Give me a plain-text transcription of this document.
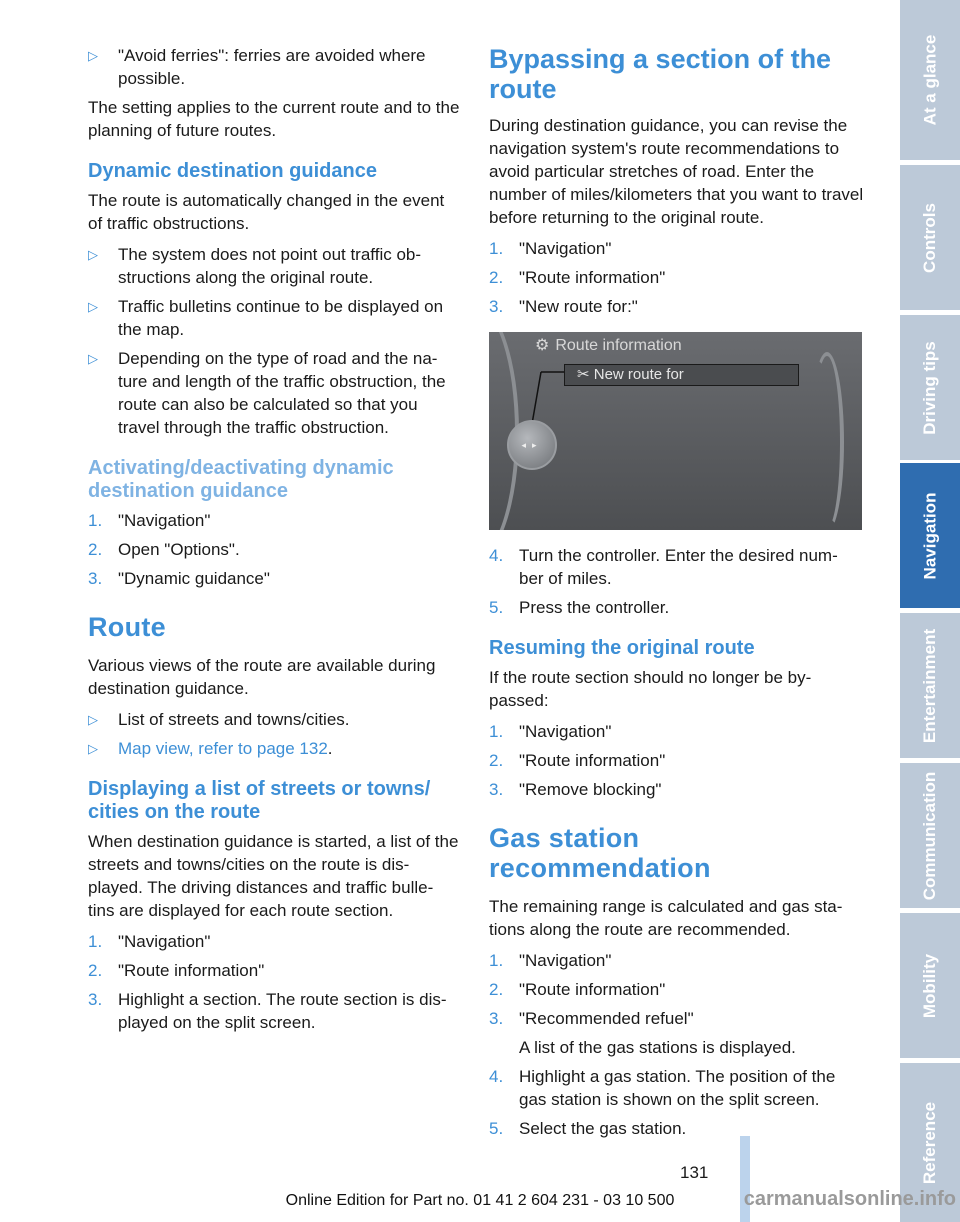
▷ "Avoid ferries": ferries are avoided where possible.

The setting applies to the current route and to the planning of future routes.

Dynamic destination guidance

The route is automatically changed in the event of traffic obstructions.

▷ The system does not point out traffic ob- structions along the original route.
▷ Traffic bulletins continue to be displayed on the map.
▷ Depending on the type of road and the na- ture and length of the traffic obstruction, the route can also be calculated so that you travel through the traffic obstruction.
Activating/deactivating dynamic destination guidance
1. "Navigation"
2. Open "Options".
3. "Dynamic guidance"
Route

Various views of the route are available during destination guidance.

▷ List of streets and towns/cities.
▷ Map view, refer to page 132.
Displaying a list of streets or towns/ cities on the route

When destination guidance is started, a list of the streets and towns/cities on the route is dis- played. The driving distances and traffic bulle- tins are displayed for each route section.

1. "Navigation"
2. "Route information"
3. Highlight a section. The route section is dis- played on the split screen.
Bypassing a section of the route

During destination guidance, you can revise the navigation system's route recommendations to avoid particular stretches of road. Enter the number of miles/kilometers that you want to travel before returning to the original route.

1. "Navigation"
2. "Route information"
3. "New route for:"
⚙ Route information
✂ New route for
◂▸
4. Turn the controller. Enter the desired num- ber of miles.
5. Press the controller.
Resuming the original route

If the route section should no longer be by- passed:

1. "Navigation"
2. "Route information"
3. "Remove blocking"
Gas station recommendation

The remaining range is calculated and gas sta- tions along the route are recommended.

1. "Navigation"
2. "Route information"
3. "Recommended refuel"
A list of the gas stations is displayed.
4. Highlight a gas station. The position of the gas station is shown on the split screen.
5. Select the gas station.
At a glance
Controls
Driving tips
Navigation
Entertainment
Communication
Mobility
Reference
131
Online Edition for Part no. 01 41 2 604 231 - 03 10 500	carmanualsonline.info
